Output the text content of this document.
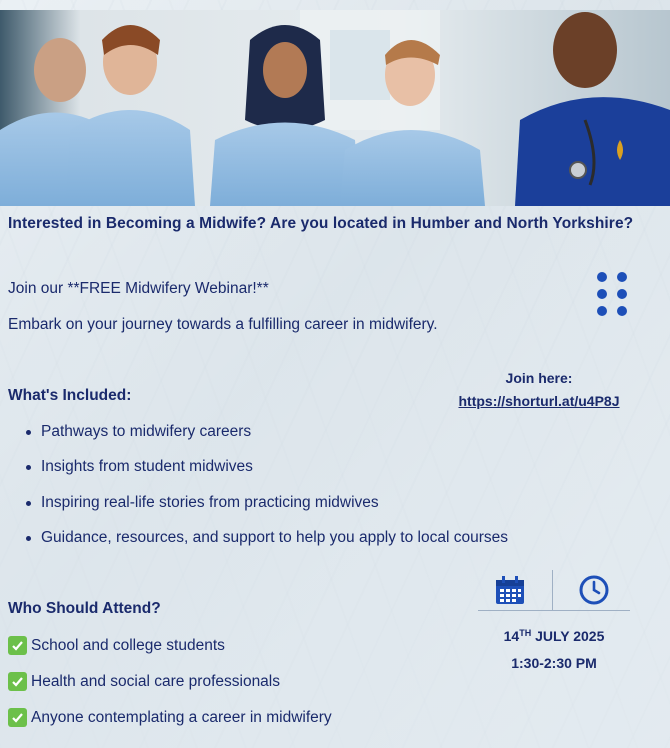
Interested in Becoming a Midwife? Are you located in Humber and North Yorkshire?
Join our **FREE Midwifery Webinar!**
Embark on your journey towards a fulfilling career in midwifery.
Join here:
https://shorturl.at/u4P8J
What's Included:
Pathways to midwifery careers
Insights from student midwives
Inspiring real-life stories from practicing midwives
Guidance, resources, and support to help you apply to local courses
Who Should Attend?
School and college students
Health and social care professionals
Anyone contemplating a career in midwifery
14TH JULY 2025
1:30-2:30 PM
